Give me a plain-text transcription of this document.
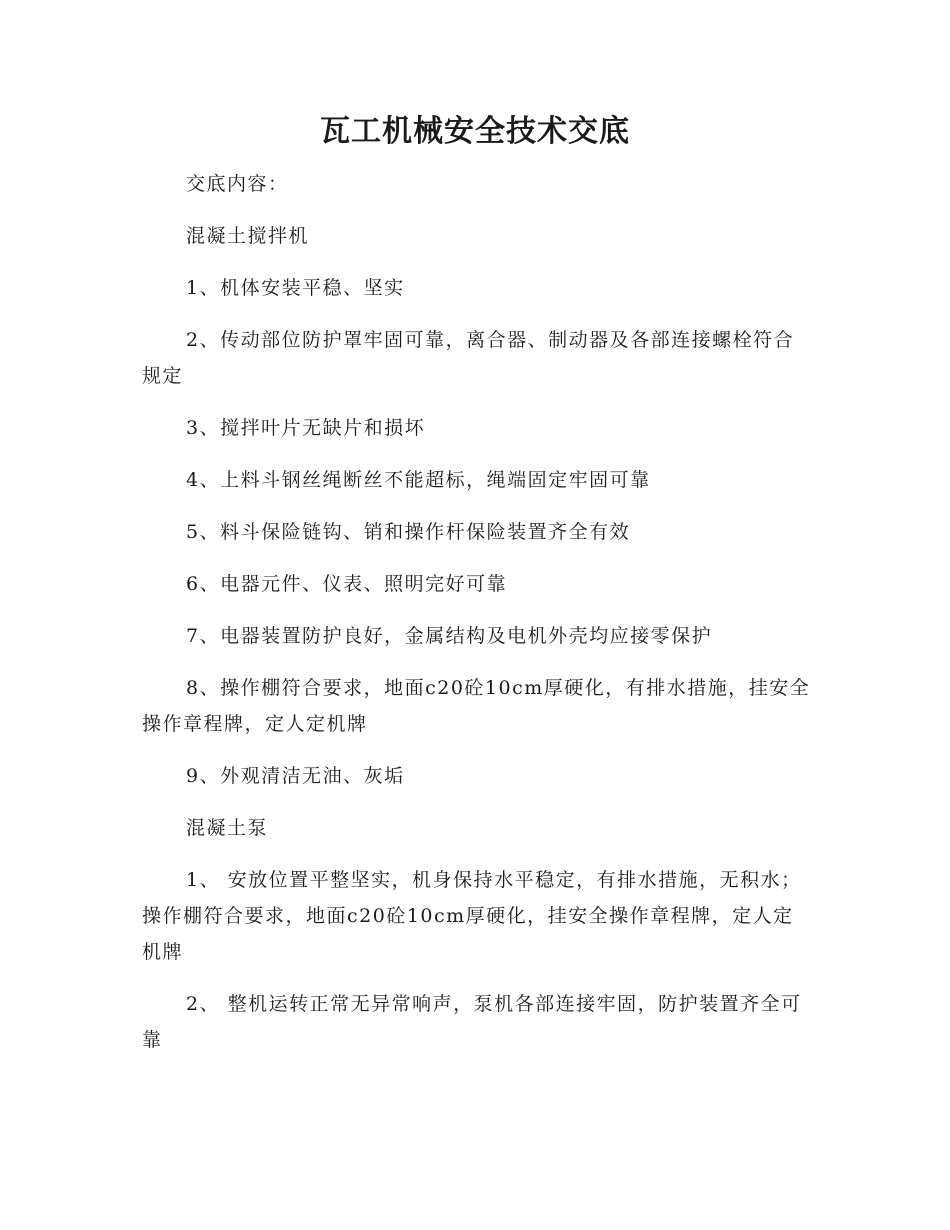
瓦工机械安全技术交底

交底内容：

混凝土搅拌机

1、机体安装平稳、坚实

2、传动部位防护罩牢固可靠，离合器、制动器及各部连接螺栓符合规定

3、搅拌叶片无缺片和损坏

4、上料斗钢丝绳断丝不能超标，绳端固定牢固可靠

5、料斗保险链钩、销和操作杆保险装置齐全有效

6、电器元件、仪表、照明完好可靠

7、电器装置防护良好，金属结构及电机外壳均应接零保护

8、操作棚符合要求，地面c20砼10cm厚硬化，有排水措施，挂安全操作章程牌，定人定机牌

9、外观清洁无油、灰垢

混凝土泵

1、 安放位置平整坚实，机身保持水平稳定，有排水措施，无积水；操作棚符合要求，地面c20砼10cm厚硬化，挂安全操作章程牌，定人定机牌

2、 整机运转正常无异常响声，泵机各部连接牢固，防护装置齐全可靠
